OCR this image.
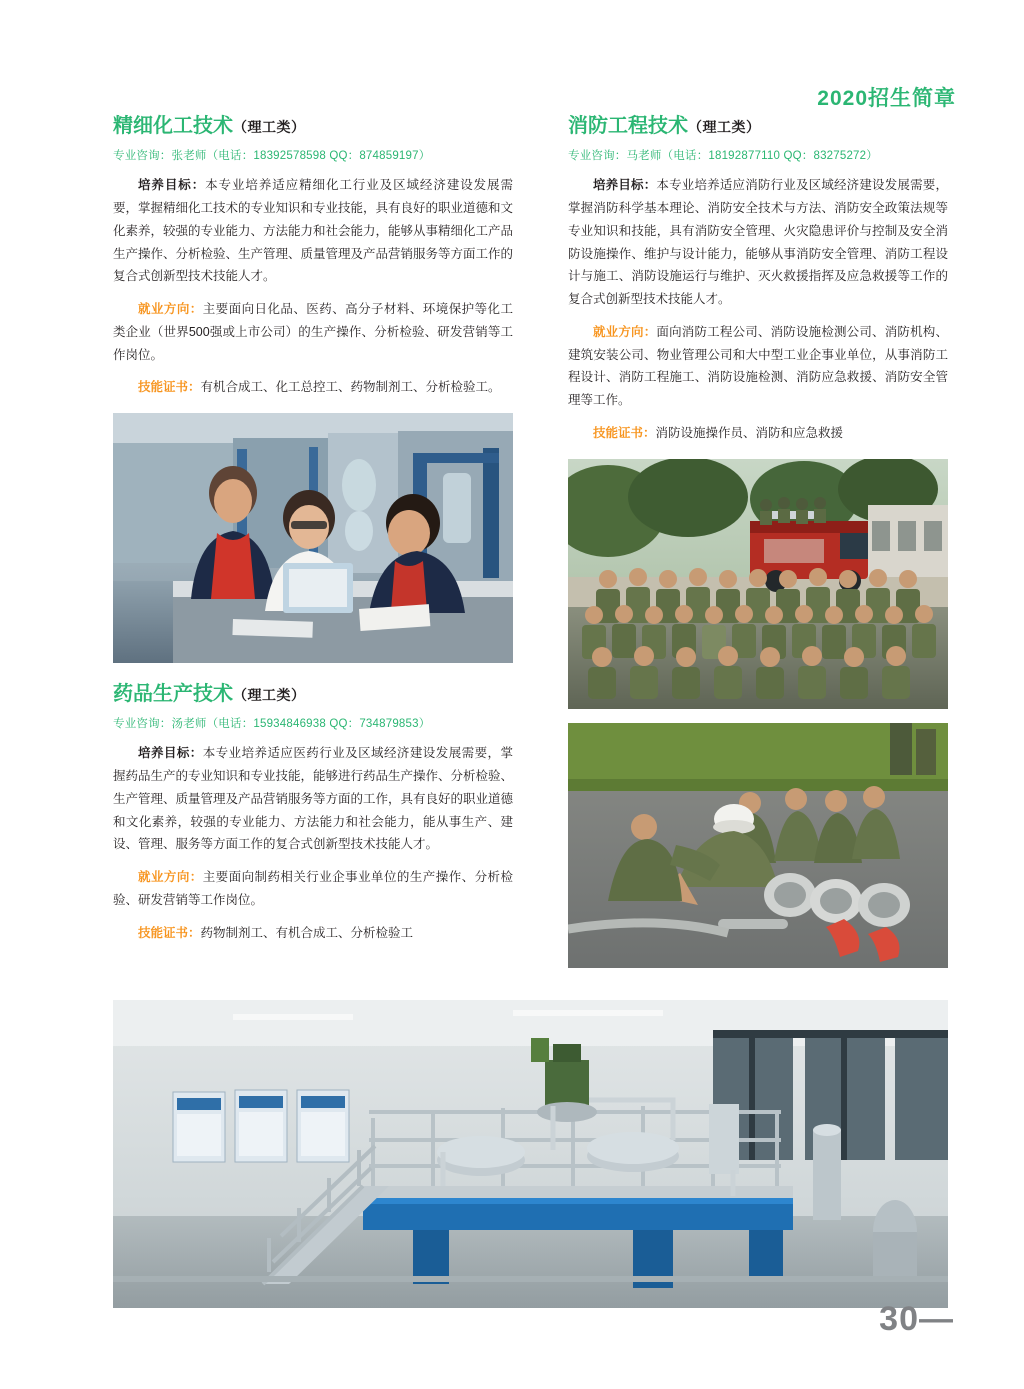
2020招生简章
精细化工技术（理工类）
专业咨询：张老师（电话：18392578598 QQ：874859197）

培养目标：本专业培养适应精细化工行业及区域经济建设发展需要，掌握精细化工技术的专业知识和专业技能，具有良好的职业道德和文化素养，较强的专业能力、方法能力和社会能力，能够从事精细化工产品生产操作、分析检验、生产管理、质量管理及产品营销服务等方面工作的复合式创新型技术技能人才。

就业方向：主要面向日化品、医药、高分子材料、环境保护等化工类企业（世界500强或上市公司）的生产操作、分析检验、研发营销等工作岗位。

技能证书：有机合成工、化工总控工、药物制剂工、分析检验工。

药品生产技术（理工类）
专业咨询：汤老师（电话：15934846938 QQ：734879853）

培养目标：本专业培养适应医药行业及区域经济建设发展需要，掌握药品生产的专业知识和专业技能，能够进行药品生产操作、分析检验、生产管理、质量管理及产品营销服务等方面的工作，具有良好的职业道德和文化素养，较强的专业能力、方法能力和社会能力，能从事生产、建设、管理、服务等方面工作的复合式创新型技术技能人才。

就业方向：主要面向制药相关行业企事业单位的生产操作、分析检验、研发营销等工作岗位。

技能证书：药物制剂工、有机合成工、分析检验工

消防工程技术（理工类）
专业咨询：马老师（电话：18192877110 QQ：83275272）

培养目标：本专业培养适应消防行业及区域经济建设发展需要，掌握消防科学基本理论、消防安全技术与方法、消防安全政策法规等专业知识和技能，具有消防安全管理、火灾隐患评价与控制及安全消防设施操作、维护与设计能力，能够从事消防安全管理、消防工程设计与施工、消防设施运行与维护、灭火救援指挥及应急救援等工作的复合式创新型技术技能人才。

就业方向：面向消防工程公司、消防设施检测公司、消防机构、建筑安装公司、物业管理公司和大中型工业企事业单位，从事消防工程设计、消防工程施工、消防设施检测、消防应急救援、消防安全管理等工作。

技能证书：消防设施操作员、消防和应急救援

30—
